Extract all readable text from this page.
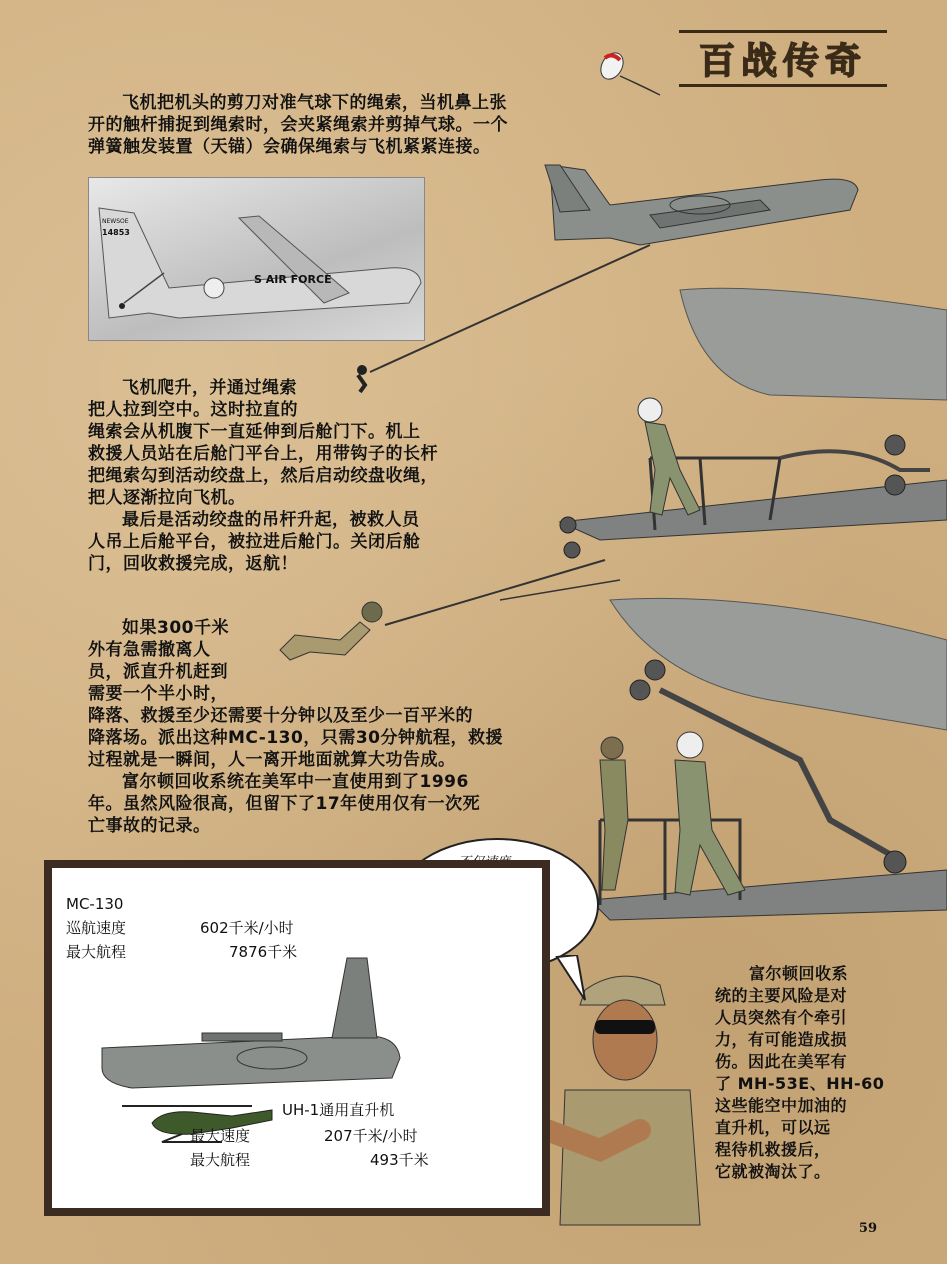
百战传奇
飞机把机头的剪刀对准气球下的绳索，当机鼻上张
开的触杆捕捉到绳索时，会夹紧绳索并剪掉气球。一个
弹簧触发装置（天锚）会确保绳索与飞机紧紧连接。
NEWSOE
14853
S AIR FORCE
飞机爬升，并通过绳索
把人拉到空中。这时拉直的
绳索会从机腹下一直延伸到后舱门下。机上
救援人员站在后舱门平台上，用带钩子的长杆
把绳索勾到活动绞盘上，然后启动绞盘收绳，
把人逐渐拉向飞机。
最后是活动绞盘的吊杆升起，被救人员
人吊上后舱平台，被拉进后舱门。关闭后舱
门，回收救援完成，返航！
如果300千米
外有急需撤离人
员，派直升机赶到
需要一个半小时，
降落、救援至少还需要十分钟以及至少一百平米的
降落场。派出这种MC-130，只需30分钟航程，救援
过程就是一瞬间，人一离开地面就算大功告成。
富尔顿回收系统在美军中一直使用到了1996
年。虽然风险很高，但留下了17年使用仅有一次死
亡事故的记录。
MC-130
巡航速度	602千米/小时
最大航程	7876千米
UH-1通用直升机
最大速度	207千米/小时
最大航程	493千米
富尔顿回收系
统的主要风险是对
人员突然有个牵引
力，有可能造成损
伤。因此在美军有
了 MH-53E、HH-60
这些能空中加油的
直升机，可以远
程待机救援后，
它就被淘汰了。
59
